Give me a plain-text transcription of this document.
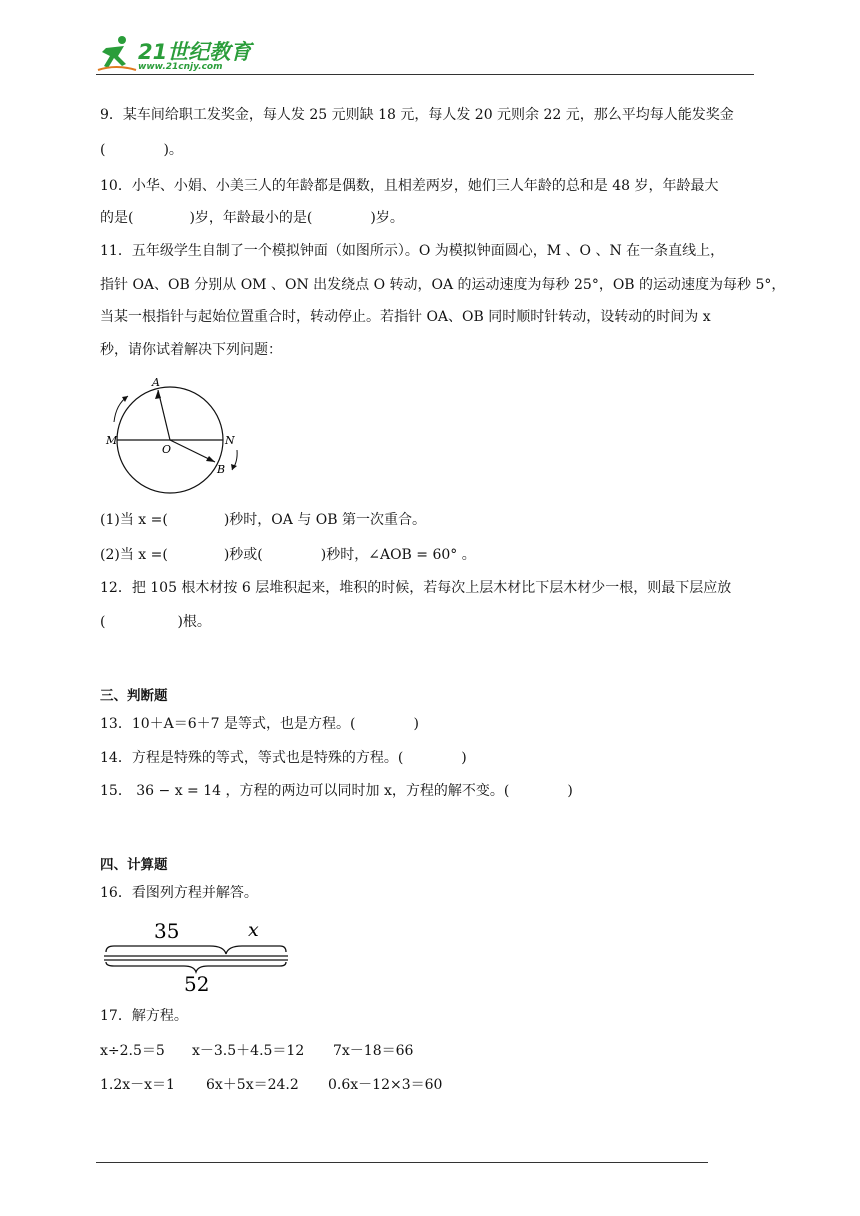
21世纪教育
www.21cnjy.com
9．某车间给职工发奖金，每人发 25 元则缺 18 元，每人发 20 元则余 22 元，那么平均每人能发奖金
(	)。
10．小华、小娟、小美三人的年龄都是偶数，且相差两岁，她们三人年龄的总和是 48 岁，年龄最大
的是(	)岁，年龄最小的是(	)岁。
11．五年级学生自制了一个模拟钟面（如图所示）。O 为模拟钟面圆心，M 、O 、N 在一条直线上，
指针 OA、OB 分别从 OM 、ON 出发绕点 O 转动，OA 的运动速度为每秒 25°，OB 的运动速度为每秒 5°，
当某一根指针与起始位置重合时，转动停止。若指针 OA、OB 同时顺时针转动，设转动的时间为 x
秒，请你试着解决下列问题：
A
M
O
N
B
(1)当 x =(	)秒时，OA 与 OB 第一次重合。
(2)当 x =(	)秒或(	)秒时，∠AOB = 60° 。
12．把 105 根木材按 6 层堆积起来，堆积的时候，若每次上层木材比下层木材少一根，则最下层应放
(	)根。
三、判断题
13．10＋A＝6＋7 是等式，也是方程。(	)
14．方程是特殊的等式，等式也是特殊的方程。(	)
15． 36 − x = 14 ，方程的两边可以同时加 x，方程的解不变。(	)
四、计算题
16．看图列方程并解答。
35	x
52
17．解方程。
x÷2.5＝5 x－3.5＋4.5＝12 7x－18＝66
1.2x－x＝1 6x＋5x＝24.2 0.6x－12×3＝60
